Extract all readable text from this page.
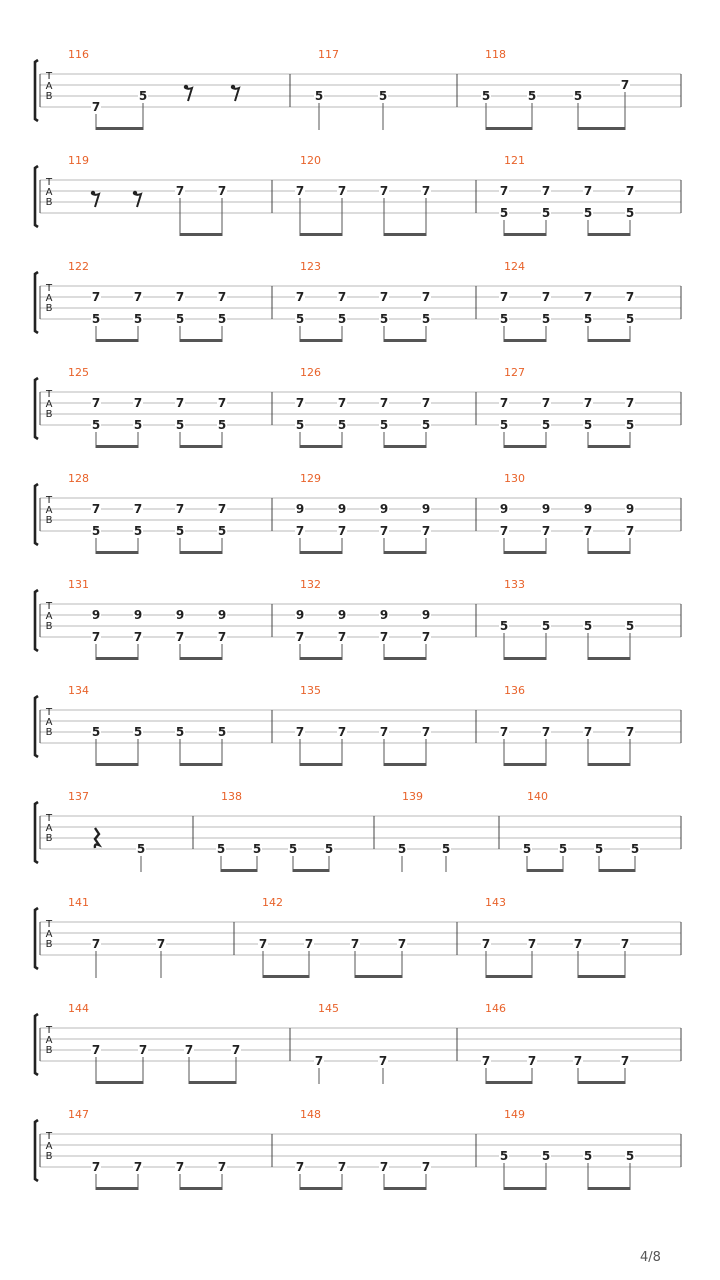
T
A
B
116
7
5
117
5	5
118
5	5	5
7
T
A
B
119
7	7
120
7	7	7	7
121
7
5
7
5
7
5
7
5
T
A
B
122
7
5
7
5
7
5
7
5
123
7
5
7
5
7
5
7
5
124
7
5
7
5
7
5
7
5
T
A
B
125
7
5
7
5
7
5
7
5
126
7
5
7
5
7
5
7
5
127
7
5
7
5
7
5
7
5
T
A
B
128
7
5
7
5
7
5
7
5
129
9
7
9
7
9
7
9
7
130
9
7
9
7
9
7
9
7
T
A
B
131
9
7
9
7
9
7
9
7
132
9
7
9
7
9
7
9
7
133
5	5	5	5
T
A
B
134
5	5	5	5
135
7	7	7	7
136
7	7	7	7
T
A
B
137
5
138
5 5 5 5
139
5	5
140
5 5 5 5
T
A
B
141
7	7
142
7	7	7	7
143
7	7	7	7
T
A
B
144
7	7	7	7
145
7	7
146
7	7	7	7
T
A
B
147
7	7	7	7
148
7	7	7	7
149
5	5	5	5
4/8
